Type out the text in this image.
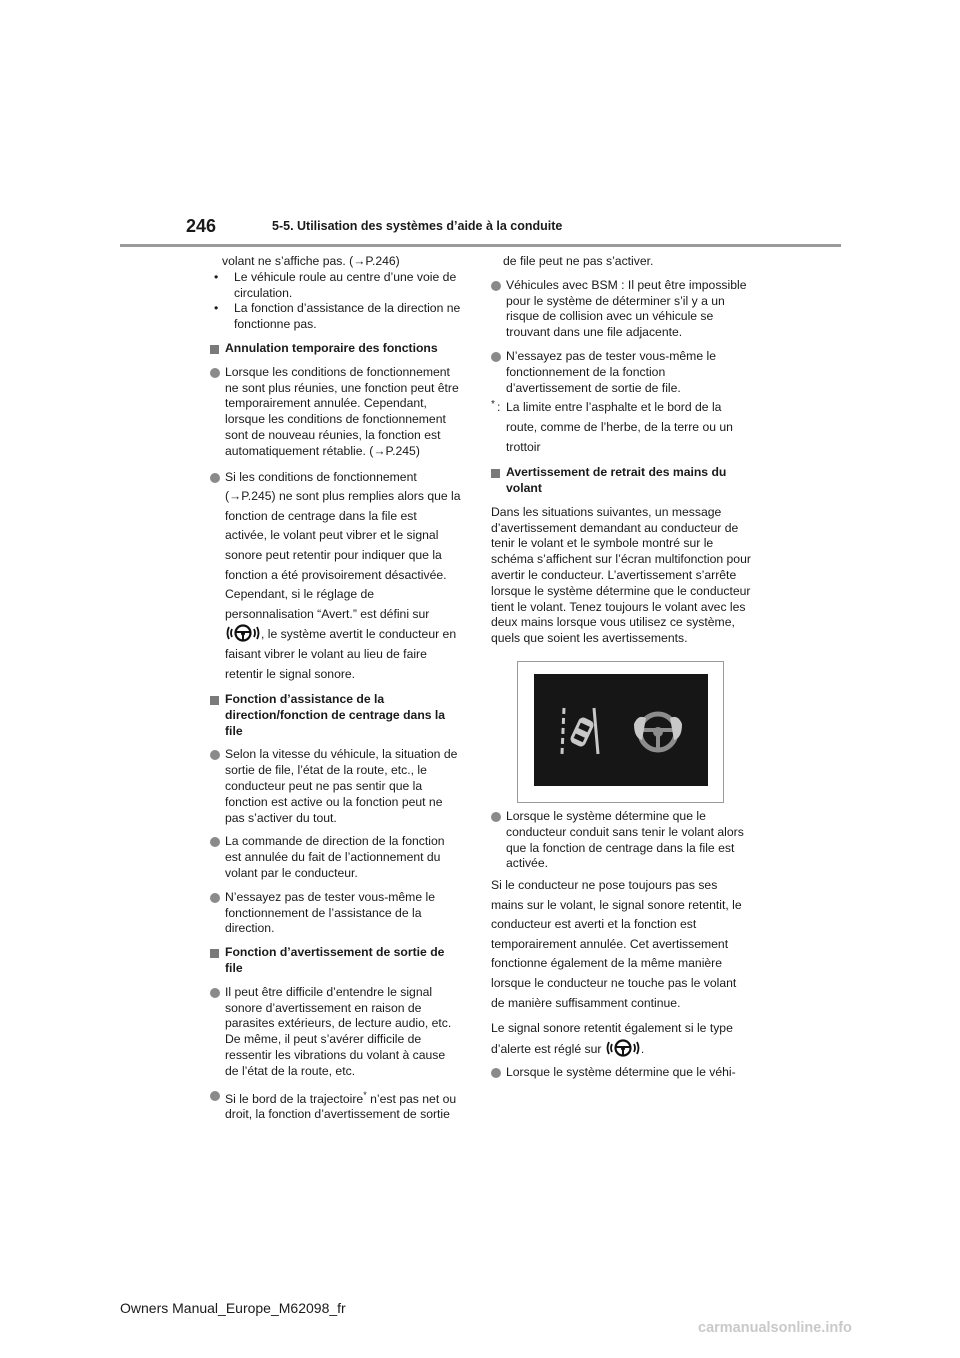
246	5-5. Utilisation des systèmes d’aide à la conduite

volant ne s’affiche pas. (→P.246)

• Le véhicule roule au centre d’une voie de circulation.
• La fonction d’assistance de la direction ne fonctionne pas.
Annulation temporaire des fonctions
Lorsque les conditions de fonctionnement ne sont plus réunies, une fonction peut être temporairement annulée. Cependant, lorsque les conditions de fonctionnement sont de nouveau réunies, la fonction est automatiquement rétablie. (→P.245)
Si les conditions de fonctionnement (→P.245) ne sont plus remplies alors que la fonction de centrage dans la file est activée, le volant peut vibrer et le signal sonore peut retentir pour indiquer que la fonction a été provisoirement désactivée. Cependant, si le réglage de personnalisation “Avert.” est défini sur , le système avertit le conducteur en faisant vibrer le volant au lieu de faire retentir le signal sonore.
Fonction d’assistance de la direction/fonction de centrage dans la file
Selon la vitesse du véhicule, la situation de sortie de file, l’état de la route, etc., le conducteur peut ne pas sentir que la fonction est active ou la fonction peut ne pas s’activer du tout.
La commande de direction de la fonction est annulée du fait de l’actionnement du volant par le conducteur.
N’essayez pas de tester vous-même le fonctionnement de l’assistance de la direction.
Fonction d’avertissement de sortie de file
Il peut être difficile d’entendre le signal sonore d’avertissement en raison de parasites extérieurs, de lecture audio, etc. De même, il peut s’avérer difficile de ressentir les vibrations du volant à cause de l’état de la route, etc.
Si le bord de la trajectoire* n’est pas net ou droit, la fonction d’avertissement de sortie

de file peut ne pas s’activer.

Véhicules avec BSM : Il peut être impossible pour le système de déterminer s’il y a un risque de collision avec un véhicule se trouvant dans une file adjacente.
N’essayez pas de tester vous-même le fonctionnement de la fonction d’avertissement de sortie de file.
* : La limite entre l’asphalte et le bord de la route, comme de l’herbe, de la terre ou un trottoir
Avertissement de retrait des mains du volant

Dans les situations suivantes, un message d’avertissement demandant au conducteur de tenir le volant et le symbole montré sur le schéma s’affichent sur l’écran multifonction pour avertir le conducteur. L’avertissement s’arrête lorsque le système détermine que le conducteur tient le volant. Tenez toujours le volant avec les deux mains lorsque vous utilisez ce système, quels que soient les avertissements.

Lorsque le système détermine que le conducteur conduit sans tenir le volant alors que la fonction de centrage dans la file est activée.

Si le conducteur ne pose toujours pas ses mains sur le volant, le signal sonore retentit, le conducteur est averti et la fonction est temporairement annulée. Cet avertissement fonctionne également de la même manière lorsque le conducteur ne touche pas le volant de manière suffisamment continue.

Le signal sonore retentit également si le type d’alerte est réglé sur	.

Lorsque le système détermine que le véhi-
Owners Manual_Europe_M62098_fr
carmanualsonline.info
